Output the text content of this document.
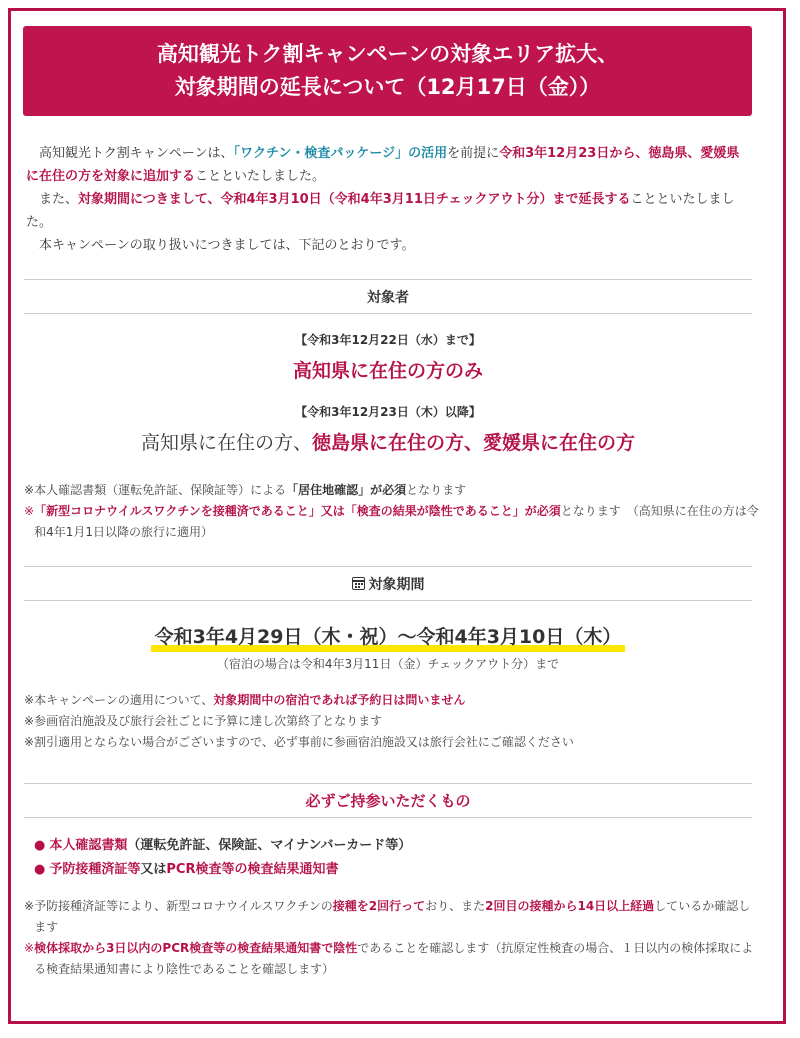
高知観光トク割キャンペーンの対象エリア拡大、
対象期間の延長について（12月17日（金））

高知観光トク割キャンペーンは、「ワクチン・検査パッケージ」の活用を前提に令和3年12月23日から、徳島県、愛媛県に在住の方を対象に追加することといたしました。

また、対象期間につきまして、令和4年3月10日（令和4年3月11日チェックアウト分）まで延長することといたしました。

本キャンペーンの取り扱いにつきましては、下記のとおりです。

対象者
【令和3年12月22日（水）まで】
高知県に在住の方のみ
【令和3年12月23日（木）以降】
高知県に在住の方、徳島県に在住の方、愛媛県に在住の方
※ 本人確認書類（運転免許証、保険証等）による「居住地確認」が必須となります
※ 「新型コロナウイルスワクチンを接種済であること」又は「検査の結果が陰性であること」が必須となります　（高知県に在住の方は令和4年1月1日以降の旅行に適用）
対象期間
令和3年4月29日（木・祝）～令和4年3月10日（木）
（宿泊の場合は令和4年3月11日（金）チェックアウト分）まで
※ 本キャンペーンの適用について、対象期間中の宿泊であれば予約日は問いません
※ 参画宿泊施設及び旅行会社ごとに予算に達し次第終了となります
※ 割引適用とならない場合がございますので、必ず事前に参画宿泊施設又は旅行会社にご確認ください
必ずご持参いただくもの
● 本人確認書類 （運転免許証、保険証、マイナンバーカード等）
● 予防接種済証等 又は PCR検査等の検査結果通知書
※ 予防接種済証等により、新型コロナウイルスワクチンの接種を2回行っており、また2回目の接種から14日以上経過しているか確認します
※ 検体採取から3日以内のPCR検査等の検査結果通知書で陰性であることを確認します（抗原定性検査の場合、１日以内の検体採取による検査結果通知書により陰性であることを確認します）
